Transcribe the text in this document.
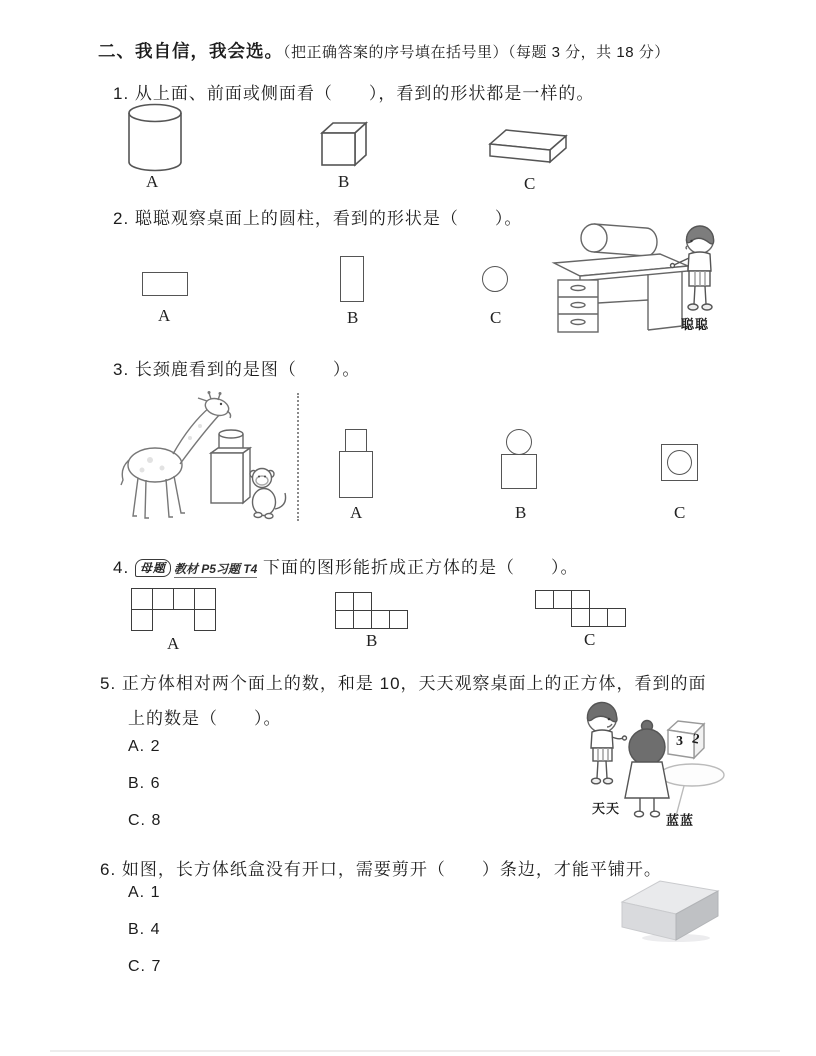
二、我自信，我会选。（把正确答案的序号填在括号里）（每题 3 分，共 18 分）
1. 从上面、前面或侧面看（　　），看到的形状都是一样的。
A	B	C
2. 聪聪观察桌面上的圆柱，看到的形状是（　　）。
A	B	C	聪聪
3. 长颈鹿看到的是图（　　）。
A	B	C
4. 母题 教材 P5习题 T4 下面的图形能折成正方体的是（　　）。
A	B	C
5. 正方体相对两个面上的数，和是 10，天天观察桌面上的正方体，看到的面
上的数是（　　）。
A. 2
B. 6
C. 8
3 2
天天
蓝蓝
6. 如图，长方体纸盒没有开口，需要剪开（　　）条边，才能平铺开。
A. 1
B. 4
C. 7
